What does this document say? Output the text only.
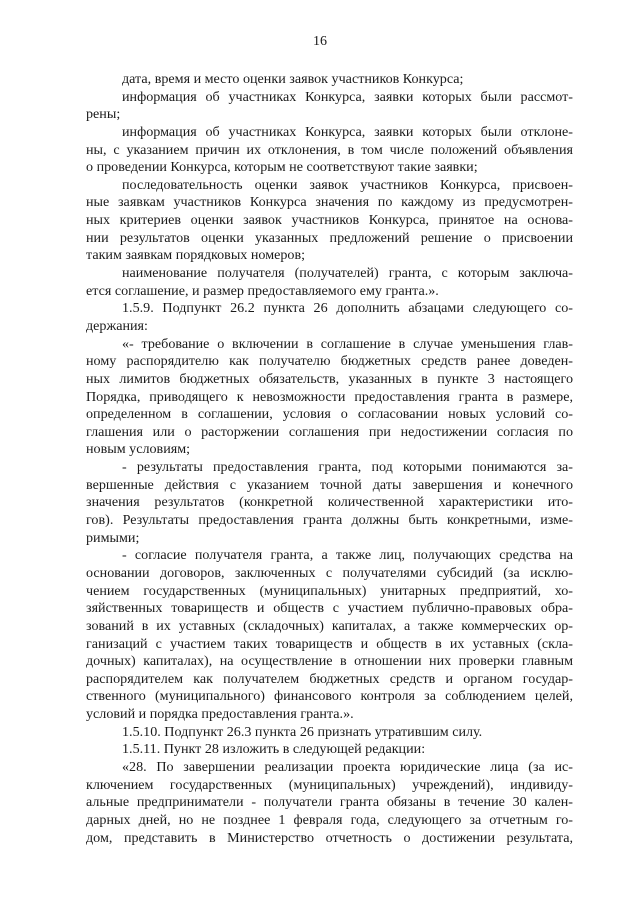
16
дата, время и место оценки заявок участников Конкурса;
информация об участниках Конкурса, заявки которых были рассмот-
рены;
информация об участниках Конкурса, заявки которых были отклоне-
ны, с указанием причин их отклонения, в том числе положений объявления
о проведении Конкурса, которым не соответствуют такие заявки;
последовательность оценки заявок участников Конкурса, присвоен-
ные заявкам участников Конкурса значения по каждому из предусмотрен-
ных критериев оценки заявок участников Конкурса, принятое на основа-
нии результатов оценки указанных предложений решение о присвоении
таким заявкам порядковых номеров;
наименование получателя (получателей) гранта, с которым заключа-
ется соглашение, и размер предоставляемого ему гранта.».
1.5.9. Подпункт 26.2 пункта 26 дополнить абзацами следующего со-
держания:
«- требование о включении в соглашение в случае уменьшения глав-
ному распорядителю как получателю бюджетных средств ранее доведен-
ных лимитов бюджетных обязательств, указанных в пункте 3 настоящего
Порядка, приводящего к невозможности предоставления гранта в размере,
определенном в соглашении, условия о согласовании новых условий со-
глашения или о расторжении соглашения при недостижении согласия по
новым условиям;
- результаты предоставления гранта, под которыми понимаются за-
вершенные действия с указанием точной даты завершения и конечного
значения результатов (конкретной количественной характеристики ито-
гов). Результаты предоставления гранта должны быть конкретными, изме-
римыми;
- согласие получателя гранта, а также лиц, получающих средства на
основании договоров, заключенных с получателями субсидий (за исклю-
чением государственных (муниципальных) унитарных предприятий, хо-
зяйственных товариществ и обществ с участием публично-правовых обра-
зований в их уставных (складочных) капиталах, а также коммерческих ор-
ганизаций с участием таких товариществ и обществ в их уставных (скла-
дочных) капиталах), на осуществление в отношении них проверки главным
распорядителем как получателем бюджетных средств и органом государ-
ственного (муниципального) финансового контроля за соблюдением целей,
условий и порядка предоставления гранта.».
1.5.10. Подпункт 26.3 пункта 26 признать утратившим силу.
1.5.11. Пункт 28 изложить в следующей редакции:
«28. По завершении реализации проекта юридические лица (за ис-
ключением государственных (муниципальных) учреждений), индивиду-
альные предприниматели - получатели гранта обязаны в течение 30 кален-
дарных дней, но не позднее 1 февраля года, следующего за отчетным го-
дом, представить в Министерство отчетность о достижении результата,
